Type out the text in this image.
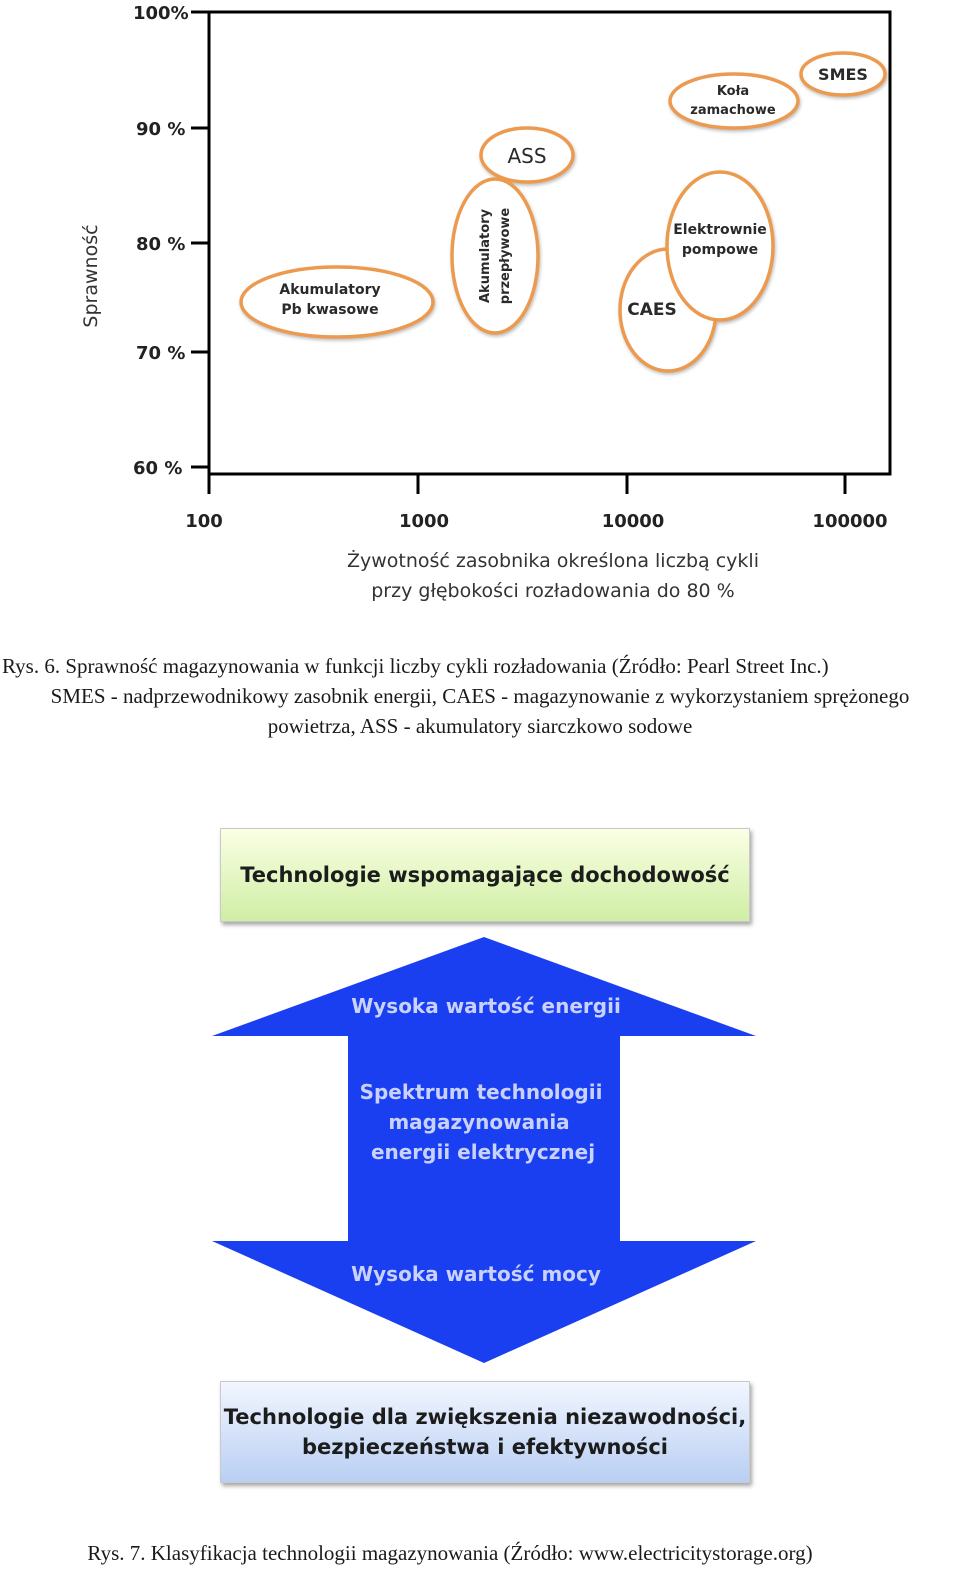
100%
90 %
80 %
70 %
60 %
100	1000	10000	100000
Sprawność
Żywotność zasobnika określona liczbą cykli
przy głębokości rozładowania do 80 %
Akumulatory
Pb kwasowe
Akumulatory przepływowe
ASS
CAES
Elektrownie
pompowe
Koła
zamachowe
SMES
Rys. 6. Sprawność magazynowania w funkcji liczby cykli rozładowania (Źródło: Pearl Street Inc.)
SMES - nadprzewodnikowy zasobnik energii, CAES - magazynowanie z wykorzystaniem sprężonego
powietrza, ASS - akumulatory siarczkowo sodowe
Technologie wspomagające dochodowość
Wysoka wartość energii
Spektrum technologii
magazynowania
energii elektrycznej
Wysoka wartość mocy
Technologie dla zwiększenia niezawodności,
bezpieczeństwa i efektywności
Rys. 7. Klasyfikacja technologii magazynowania (Źródło: www.electricitystorage.org)
